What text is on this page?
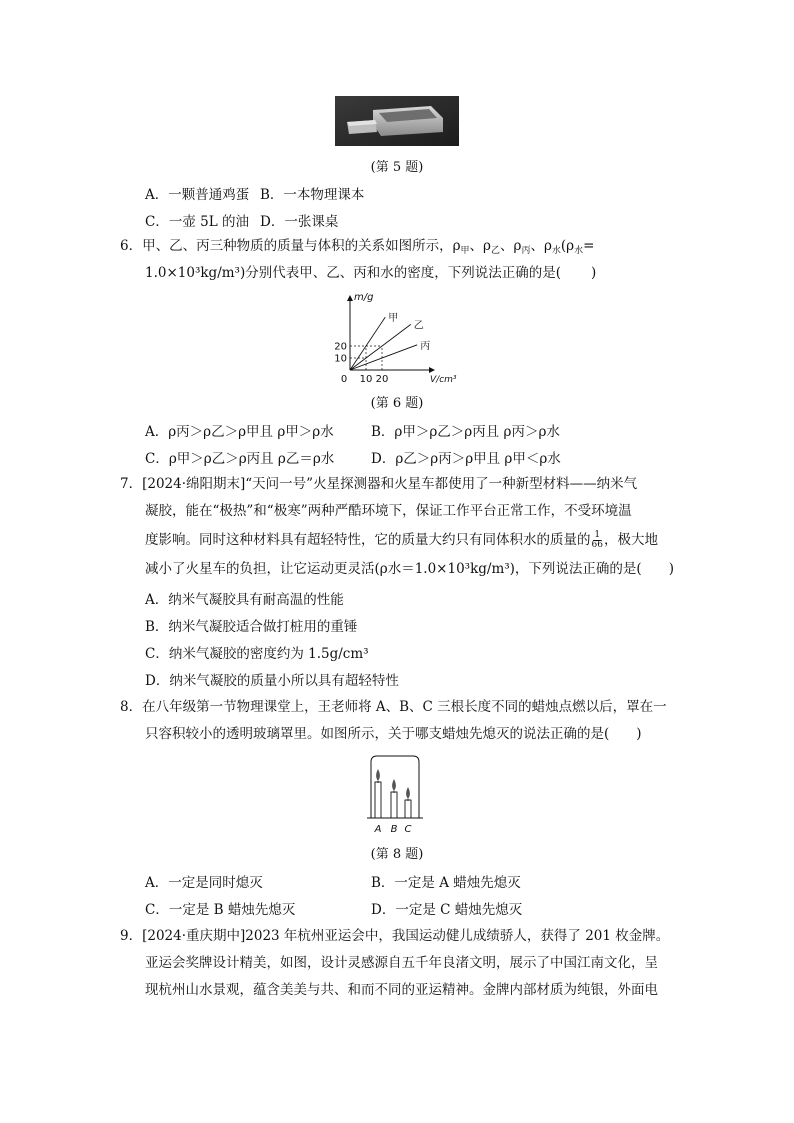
(第 5 题)
A．一颗普通鸡蛋 B．一本物理课本
C．一壶 5L 的油 D．一张课桌
6．甲、乙、丙三种物质的质量与体积的关系如图所示，$\rho_甲$、$\rho_乙$、$\rho_丙$、$\rho_水(\rho_水=$
1.0×10³kg/m³)分别代表甲、乙、丙和水的密度，下列说法正确的是( )
甲
乙
丙
0 10 20
10
20
m/g
V/cm³
(第 6 题)
A．ρ丙＞ρ乙＞ρ甲且 ρ甲＞ρ水	B．ρ甲＞ρ乙＞ρ丙且 ρ丙＞ρ水
C．ρ甲＞ρ乙＞ρ丙且 ρ乙＝ρ水	D．ρ乙＞ρ丙＞ρ甲且 ρ甲＜ρ水
7．[2024·绵阳期末]“天问一号”火星探测器和火星车都使用了一种新型材料——纳米气
凝胶，能在“极热”和“极寒”两种严酷环境下，保证工作平台正常工作，不受环境温
度影响。同时这种材料具有超轻特性，它的质量大约只有同体积水的质量的 $\frac{1}{66}$ ，极大地
减小了火星车的负担，让它运动更灵活(ρ水＝1.0×10³kg/m³)，下列说法正确的是(　　)
A．纳米气凝胶具有耐高温的性能
B．纳米气凝胶适合做打桩用的重锤
C．纳米气凝胶的密度约为 1.5g/cm³
D．纳米气凝胶的质量小所以具有超轻特性
8．在八年级第一节物理课堂上，王老师将 A、B、C 三根长度不同的蜡烛点燃以后，罩在一
只容积较小的透明玻璃罩里。如图所示，关于哪支蜡烛先熄灭的说法正确的是(　　)
A B C
(第 8 题)
A．一定是同时熄灭	B．一定是 A 蜡烛先熄灭
C．一定是 B 蜡烛先熄灭	D．一定是 C 蜡烛先熄灭
9．[2024·重庆期中]2023 年杭州亚运会中，我国运动健儿成绩骄人，获得了 201 枚金牌。
亚运会奖牌设计精美，如图，设计灵感源自五千年良渚文明，展示了中国江南文化，呈
现杭州山水景观，蕴含美美与共、和而不同的亚运精神。金牌内部材质为纯银，外面电
